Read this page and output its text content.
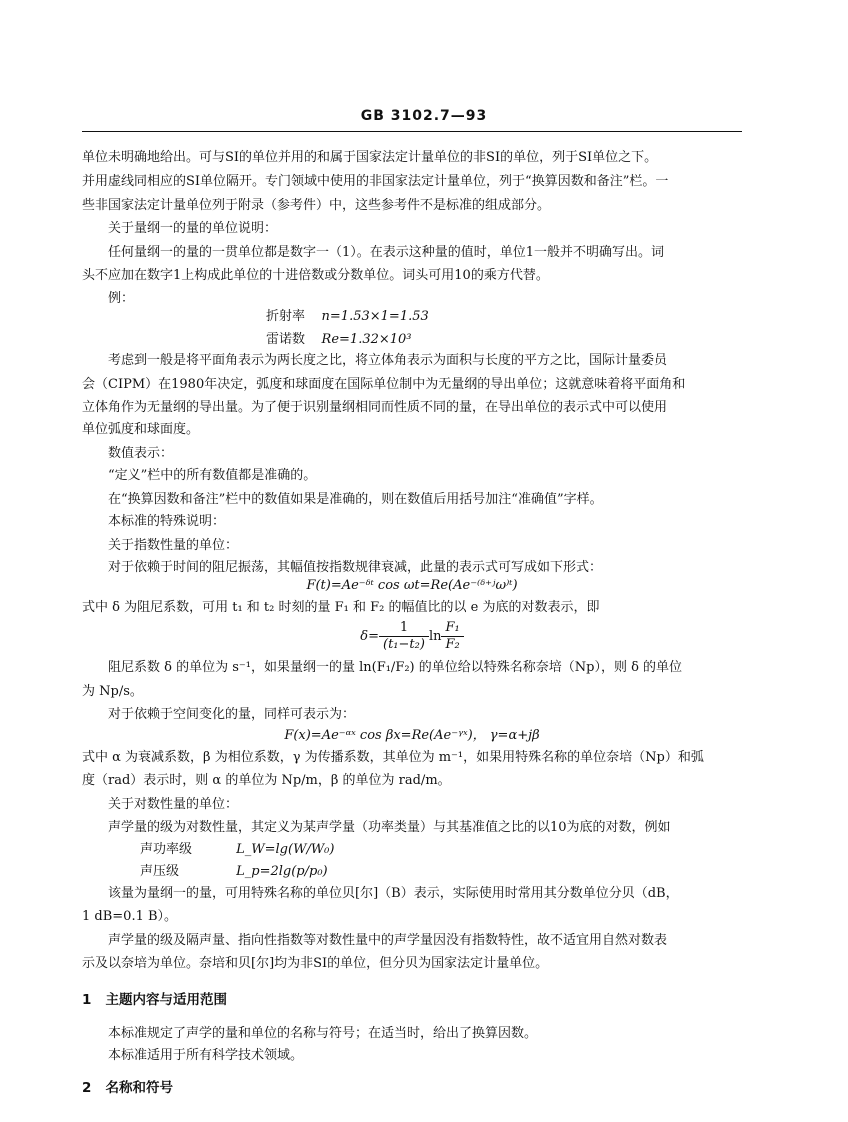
GB 3102.7—93
单位未明确地给出。可与SI的单位并用的和属于国家法定计量单位的非SI的单位，列于SI单位之下。
并用虚线同相应的SI单位隔开。专门领域中使用的非国家法定计量单位，列于“换算因数和备注”栏。一
些非国家法定计量单位列于附录（参考件）中，这些参考件不是标准的组成部分。
关于量纲一的量的单位说明：
任何量纲一的量的一贯单位都是数字一（1）。在表示这种量的值时，单位1一般并不明确写出。词
头不应加在数字1上构成此单位的十进倍数或分数单位。词头可用10的乘方代替。
例：
折射率 n=1.53×1=1.53
雷诺数 Re=1.32×10³
考虑到一般是将平面角表示为两长度之比，将立体角表示为面积与长度的平方之比，国际计量委员
会（CIPM）在1980年决定，弧度和球面度在国际单位制中为无量纲的导出单位；这就意味着将平面角和
立体角作为无量纲的导出量。为了便于识别量纲相同而性质不同的量，在导出单位的表示式中可以使用
单位弧度和球面度。
数值表示：
“定义”栏中的所有数值都是准确的。
在“换算因数和备注”栏中的数值如果是准确的，则在数值后用括号加注“准确值”字样。
本标准的特殊说明：
关于指数性量的单位：
对于依赖于时间的阻尼振荡，其幅值按指数规律衰减，此量的表示式可写成如下形式：
F(t)=Ae⁻ᵟᵗ cos ωt=Re(Ae⁻⁽ᵟ⁺ʲω⁾ᵗ)
式中 δ 为阻尼系数，可用 t₁ 和 t₂ 时刻的量 F₁ 和 F₂ 的幅值比的以 e 为底的对数表示，即
$\delta= \frac{1}{\text{(t₁−t₂)}}$ $\ln \frac{\text{F₁}}{\text{F₂}}$
阻尼系数 δ 的单位为 s⁻¹，如果量纲一的量 ln(F₁/F₂) 的单位给以特殊名称奈培（Np），则 δ 的单位
为 Np/s。
对于依赖于空间变化的量，同样可表示为：
F(x)=Ae⁻ᵅˣ cos βx=Re(Ae⁻ᵞˣ)， γ=α+jβ
式中 α 为衰减系数，β 为相位系数，γ 为传播系数，其单位为 m⁻¹，如果用特殊名称的单位奈培（Np）和弧
度（rad）表示时，则 α 的单位为 Np/m，β 的单位为 rad/m。
关于对数性量的单位：
声学量的级为对数性量，其定义为某声学量（功率类量）与其基准值之比的以10为底的对数，例如
声功率级	L_W=lg(W/W₀)
声压级	L_p=2lg(p/p₀)
该量为量纲一的量，可用特殊名称的单位贝[尔]（B）表示，实际使用时常用其分数单位分贝（dB，
1 dB=0.1 B）。
声学量的级及隔声量、指向性指数等对数性量中的声学量因没有指数特性，故不适宜用自然对数表
示及以奈培为单位。奈培和贝[尔]均为非SI的单位，但分贝为国家法定计量单位。
1 主题内容与适用范围
本标准规定了声学的量和单位的名称与符号；在适当时，给出了换算因数。
本标准适用于所有科学技术领域。
2 名称和符号
